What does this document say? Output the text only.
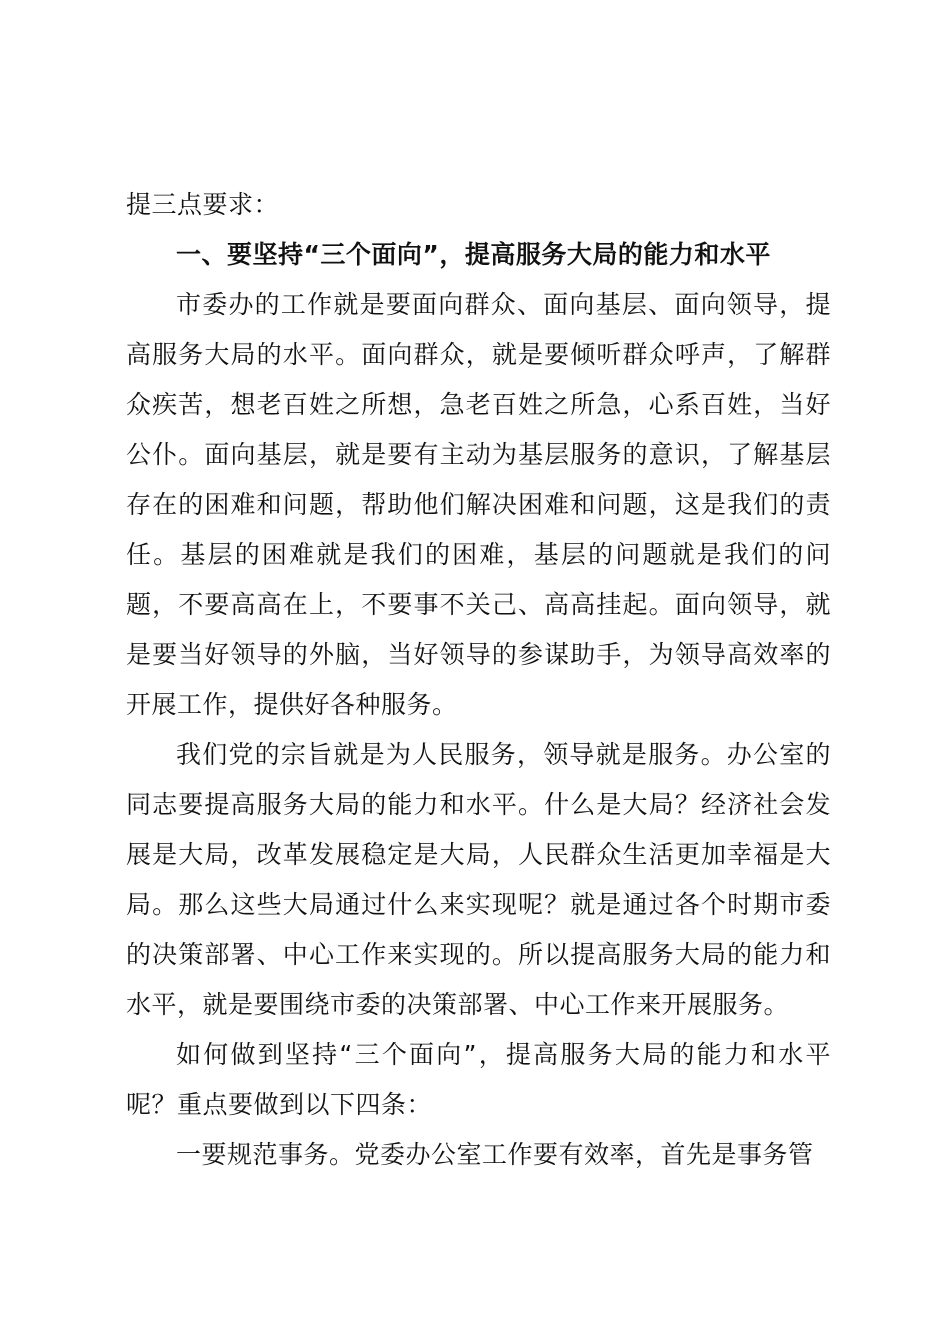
提三点要求：

一、要坚持“三个面向”，提高服务大局的能力和水平

市委办的工作就是要面向群众、面向基层、面向领导，提高服务大局的水平。面向群众，就是要倾听群众呼声，了解群众疾苦，想老百姓之所想，急老百姓之所急，心系百姓，当好公仆。面向基层，就是要有主动为基层服务的意识，了解基层存在的困难和问题，帮助他们解决困难和问题，这是我们的责任。基层的困难就是我们的困难，基层的问题就是我们的问题，不要高高在上，不要事不关己、高高挂起。面向领导，就是要当好领导的外脑，当好领导的参谋助手，为领导高效率的开展工作，提供好各种服务。

我们党的宗旨就是为人民服务，领导就是服务。办公室的同志要提高服务大局的能力和水平。什么是大局？经济社会发展是大局，改革发展稳定是大局，人民群众生活更加幸福是大局。那么这些大局通过什么来实现呢？就是通过各个时期市委的决策部署、中心工作来实现的。所以提高服务大局的能力和水平，就是要围绕市委的决策部署、中心工作来开展服务。

如何做到坚持“三个面向”，提高服务大局的能力和水平呢？重点要做到以下四条：

一要规范事务。党委办公室工作要有效率，首先是事务管
